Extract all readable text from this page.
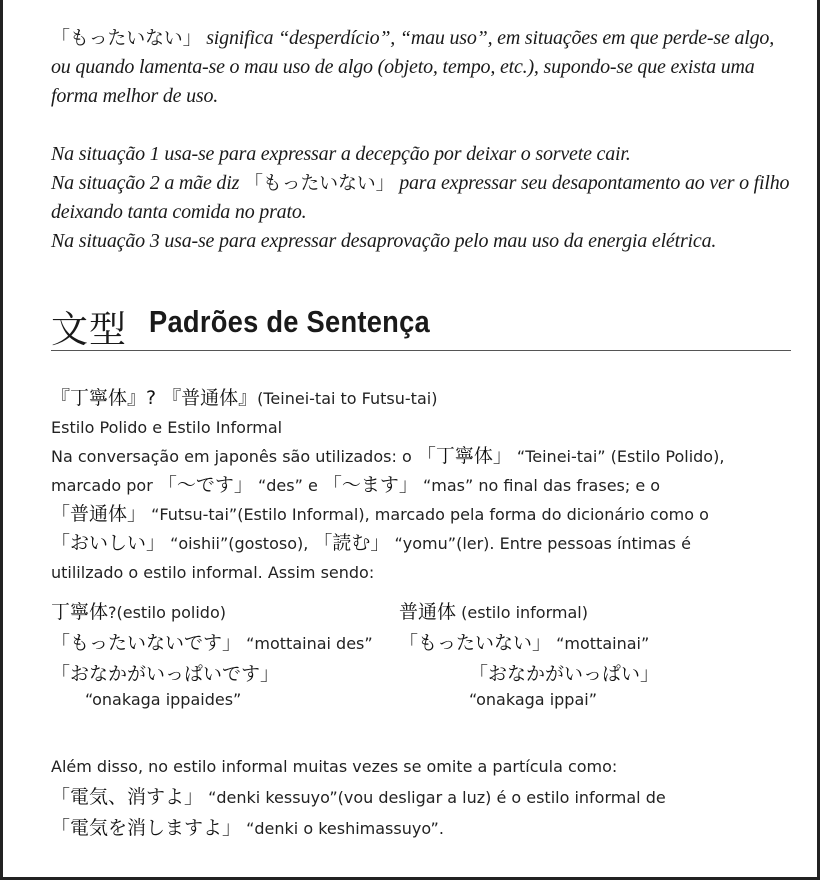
「もったいない」 significa “desperdício”, “mau uso”, em situações em que perde-se algo, ou quando lamenta-se o mau uso de algo (objeto, tempo, etc.), supondo-se que exista uma forma melhor de uso.

Na situação 1 usa-se para expressar a decepção por deixar o sorvete cair.

Na situação 2 a mãe diz 「もったいない」 para expressar seu desapontamento ao ver o filho deixando tanta comida no prato.

Na situação 3 usa-se para expressar desaprovação pelo mau uso da energia elétrica.

文型 Padrões de Sentença
『丁寧体』? 『普通体』(Teinei-tai to Futsu-tai)
Estilo Polido e Estilo Informal
Na conversação em japonês são utilizados: o 「丁寧体」 “Teinei-tai” (Estilo Polido),
marcado por 「～です」 “des” e 「～ます」 “mas” no final das frases; e o
「普通体」 “Futsu-tai”(Estilo Informal), marcado pela forma do dicionário como o
「おいしい」 “oishii”(gostoso), 「読む」 “yomu”(ler). Entre pessoas íntimas é
utililzado o estilo informal. Assim sendo:
丁寧体?(estilo polido)	普通体 (estilo informal)
「もったいないです」 “mottainai des” 「もったいない」 “mottainai”
「おなかがいっぱいです」	「おなかがいっぱい」
“onakaga ippaides”	“onakaga ippai”
Além disso, no estilo informal muitas vezes se omite a partícula como:
「電気、消すよ」 “denki kessuyo”(vou desligar a luz) é o estilo informal de
「電気を消しますよ」 “denki o keshimassuyo”.
